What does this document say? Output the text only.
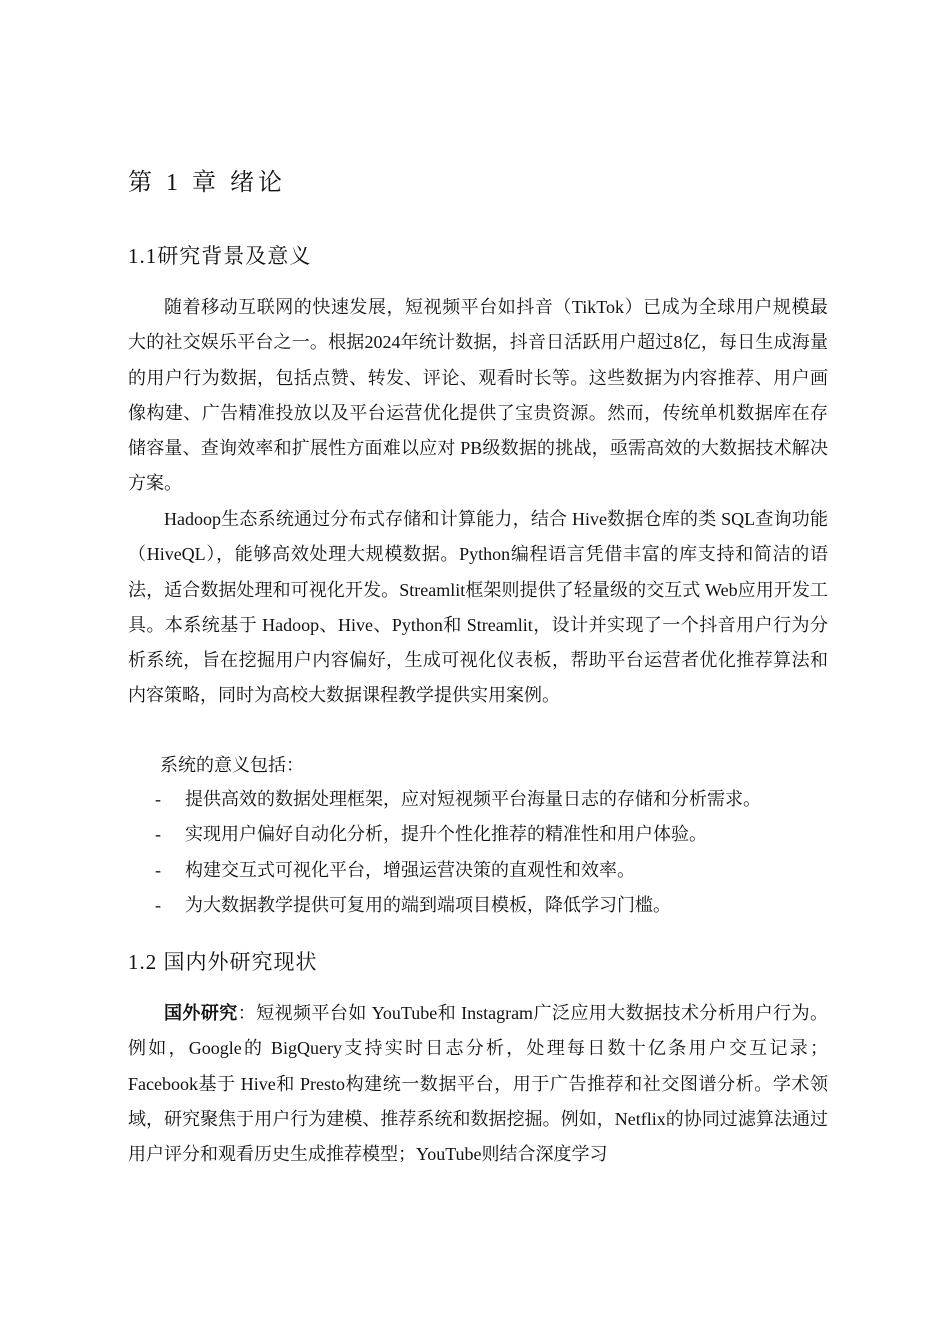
第 1 章 绪论
1.1研究背景及意义

随着移动互联网的快速发展，短视频平台如抖音（TikTok）已成为全球用户规模最大的社交娱乐平台之一。根据2024年统计数据，抖音日活跃用户超过8亿，每日生成海量的用户行为数据，包括点赞、转发、评论、观看时长等。这些数据为内容推荐、用户画像构建、广告精准投放以及平台运营优化提供了宝贵资源。然而，传统单机数据库在存储容量、查询效率和扩展性方面难以应对 PB级数据的挑战，亟需高效的大数据技术解决方案。

Hadoop生态系统通过分布式存储和计算能力，结合 Hive数据仓库的类 SQL查询功能（HiveQL），能够高效处理大规模数据。Python编程语言凭借丰富的库支持和简洁的语法，适合数据处理和可视化开发。Streamlit框架则提供了轻量级的交互式 Web应用开发工具。本系统基于 Hadoop、Hive、Python和 Streamlit，设计并实现了一个抖音用户行为分析系统，旨在挖掘用户内容偏好，生成可视化仪表板，帮助平台运营者优化推荐算法和内容策略，同时为高校大数据课程教学提供实用案例。

系统的意义包括：
- 提供高效的数据处理框架，应对短视频平台海量日志的存储和分析需求。
- 实现用户偏好自动化分析，提升个性化推荐的精准性和用户体验。
- 构建交互式可视化平台，增强运营决策的直观性和效率。
- 为大数据教学提供可复用的端到端项目模板，降低学习门槛。
1.2 国内外研究现状

国外研究：短视频平台如 YouTube和 Instagram广泛应用大数据技术分析用户行为。例如，Google的 BigQuery支持实时日志分析，处理每日数十亿条用户交互记录；Facebook基于 Hive和 Presto构建统一数据平台，用于广告推荐和社交图谱分析。学术领域，研究聚焦于用户行为建模、推荐系统和数据挖掘。例如，Netflix的协同过滤算法通过用户评分和观看历史生成推荐模型；YouTube则结合深度学习
